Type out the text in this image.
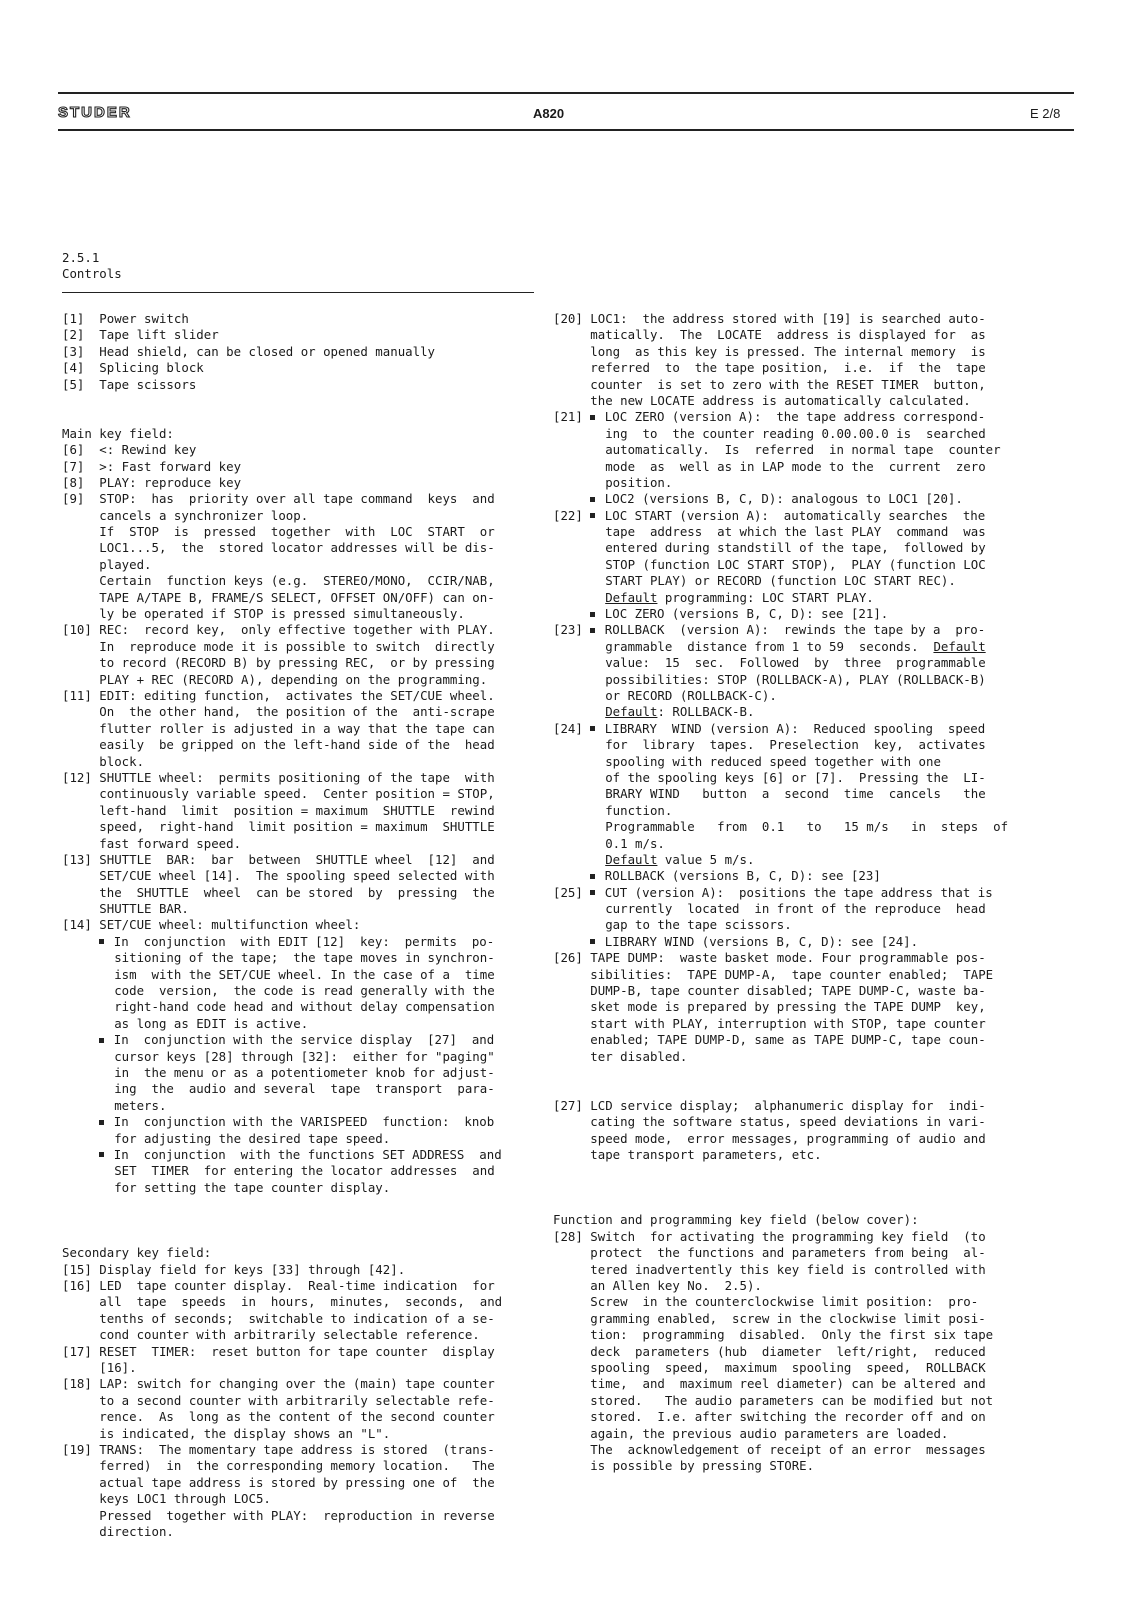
STUDER	A820	E 2/8
2.5.1
Controls
[1]  Power switch
[2]  Tape lift slider
[3]  Head shield, can be closed or opened manually
[4]  Splicing block
[5]  Tape scissors
Main key field:
[6]  <: Rewind key
[7]  >: Fast forward key
[8]  PLAY: reproduce key
[9]  STOP:  has  priority over all tape command  keys  and
cancels a synchronizer loop.
If  STOP  is  pressed  together  with  LOC  START  or
LOC1...5,  the  stored locator addresses will be dis-
played.
Certain  function keys (e.g.  STEREO/MONO,  CCIR/NAB,
TAPE A/TAPE B, FRAME/S SELECT, OFFSET ON/OFF) can on-
ly be operated if STOP is pressed simultaneously.
[10] REC:  record key,  only effective together with PLAY.
In  reproduce mode it is possible to switch  directly
to record (RECORD B) by pressing REC,  or by pressing
PLAY + REC (RECORD A), depending on the programming.
[11] EDIT: editing function,  activates the SET/CUE wheel.
On  the other hand,  the position of the  anti-scrape
flutter roller is adjusted in a way that the tape can
easily  be gripped on the left-hand side of the  head
block.
[12] SHUTTLE wheel:  permits positioning of the tape  with
continuously variable speed.  Center position = STOP,
left-hand  limit  position = maximum  SHUTTLE  rewind
speed,  right-hand  limit position = maximum  SHUTTLE
fast forward speed.
[13] SHUTTLE  BAR:  bar  between  SHUTTLE wheel  [12]  and
SET/CUE wheel [14].  The spooling speed selected with
the  SHUTTLE  wheel  can be stored  by  pressing  the
SHUTTLE BAR.
[14] SET/CUE wheel: multifunction wheel:
In  conjunction  with EDIT [12]  key:  permits  po-
sitioning of the tape;  the tape moves in synchron-
ism  with the SET/CUE wheel. In the case of a  time
code  version,  the code is read generally with the
right-hand code head and without delay compensation
as long as EDIT is active.
In  conjunction with the service display  [27]  and
cursor keys [28] through [32]:  either for "paging"
in  the menu or as a potentiometer knob for adjust-
ing  the  audio and several  tape  transport  para-
meters.
In  conjunction with the VARISPEED  function:  knob
for adjusting the desired tape speed.
In  conjunction  with the functions SET ADDRESS  and
SET  TIMER  for entering the locator addresses  and
for setting the tape counter display.
Secondary key field:
[15] Display field for keys [33] through [42].
[16] LED  tape counter display.  Real-time indication  for
all  tape  speeds  in  hours,  minutes,  seconds,  and
tenths of seconds;  switchable to indication of a se-
cond counter with arbitrarily selectable reference.
[17] RESET  TIMER:  reset button for tape counter  display
[16].
[18] LAP: switch for changing over the (main) tape counter
to a second counter with arbitrarily selectable refe-
rence.  As  long as the content of the second counter
is indicated, the display shows an "L".
[19] TRANS:  The momentary tape address is stored  (trans-
ferred)  in  the corresponding memory location.   The
actual tape address is stored by pressing one of  the
keys LOC1 through LOC5.
Pressed  together with PLAY:  reproduction in reverse
direction.
[20] LOC1:  the address stored with [19] is searched auto-
matically.  The  LOCATE  address is displayed for  as
long  as this key is pressed. The internal memory  is
referred  to  the tape position,  i.e.  if  the  tape
counter  is set to zero with the RESET TIMER  button,
the new LOCATE address is automatically calculated.
[21]  LOC ZERO (version A):  the tape address correspond-
ing  to  the counter reading 0.00.00.0 is  searched
automatically.  Is  referred  in normal tape  counter
mode  as  well as in LAP mode to the  current  zero
position.
LOC2 (versions B, C, D): analogous to LOC1 [20].
[22]  LOC START (version A):  automatically searches  the
tape  address  at which the last PLAY  command  was
entered during standstill of the tape,  followed by
STOP (function LOC START STOP),  PLAY (function LOC
START PLAY) or RECORD (function LOC START REC).
Default programming: LOC START PLAY.
LOC ZERO (versions B, C, D): see [21].
[23]  ROLLBACK  (version A):  rewinds the tape by a  pro-
grammable  distance from 1 to 59  seconds.  Default
value:  15  sec.  Followed  by  three  programmable
possibilities: STOP (ROLLBACK-A), PLAY (ROLLBACK-B)
or RECORD (ROLLBACK-C).
Default: ROLLBACK-B.
[24]  LIBRARY  WIND (version A):  Reduced spooling  speed
for  library  tapes.  Preselection  key,  activates
spooling with reduced speed together with one
of the spooling keys [6] or [7].  Pressing the  LI-
BRARY WIND   button  a  second  time  cancels   the
function.
Programmable   from  0.1   to   15 m/s   in  steps  of
0.1 m/s.
Default value 5 m/s.
ROLLBACK (versions B, C, D): see [23]
[25]  CUT (version A):  positions the tape address that is
currently  located  in front of the reproduce  head
gap to the tape scissors.
LIBRARY WIND (versions B, C, D): see [24].
[26] TAPE DUMP:  waste basket mode. Four programmable pos-
sibilities:  TAPE DUMP-A,  tape counter enabled;  TAPE
DUMP-B, tape counter disabled; TAPE DUMP-C, waste ba-
sket mode is prepared by pressing the TAPE DUMP  key,
start with PLAY, interruption with STOP, tape counter
enabled; TAPE DUMP-D, same as TAPE DUMP-C, tape coun-
ter disabled.
[27] LCD service display;  alphanumeric display for  indi-
cating the software status, speed deviations in vari-
speed mode,  error messages, programming of audio and
tape transport parameters, etc.
Function and programming key field (below cover):
[28] Switch  for activating the programming key field  (to
protect  the functions and parameters from being  al-
tered inadvertently this key field is controlled with
an Allen key No.  2.5).
Screw  in the counterclockwise limit position:  pro-
gramming enabled,  screw in the clockwise limit posi-
tion:  programming  disabled.  Only the first six tape
deck  parameters (hub  diameter  left/right,  reduced
spooling  speed,  maximum  spooling  speed,  ROLLBACK
time,  and  maximum reel diameter) can be altered and
stored.   The audio parameters can be modified but not
stored.  I.e. after switching the recorder off and on
again, the previous audio parameters are loaded.
The  acknowledgement of receipt of an error  messages
is possible by pressing STORE.
